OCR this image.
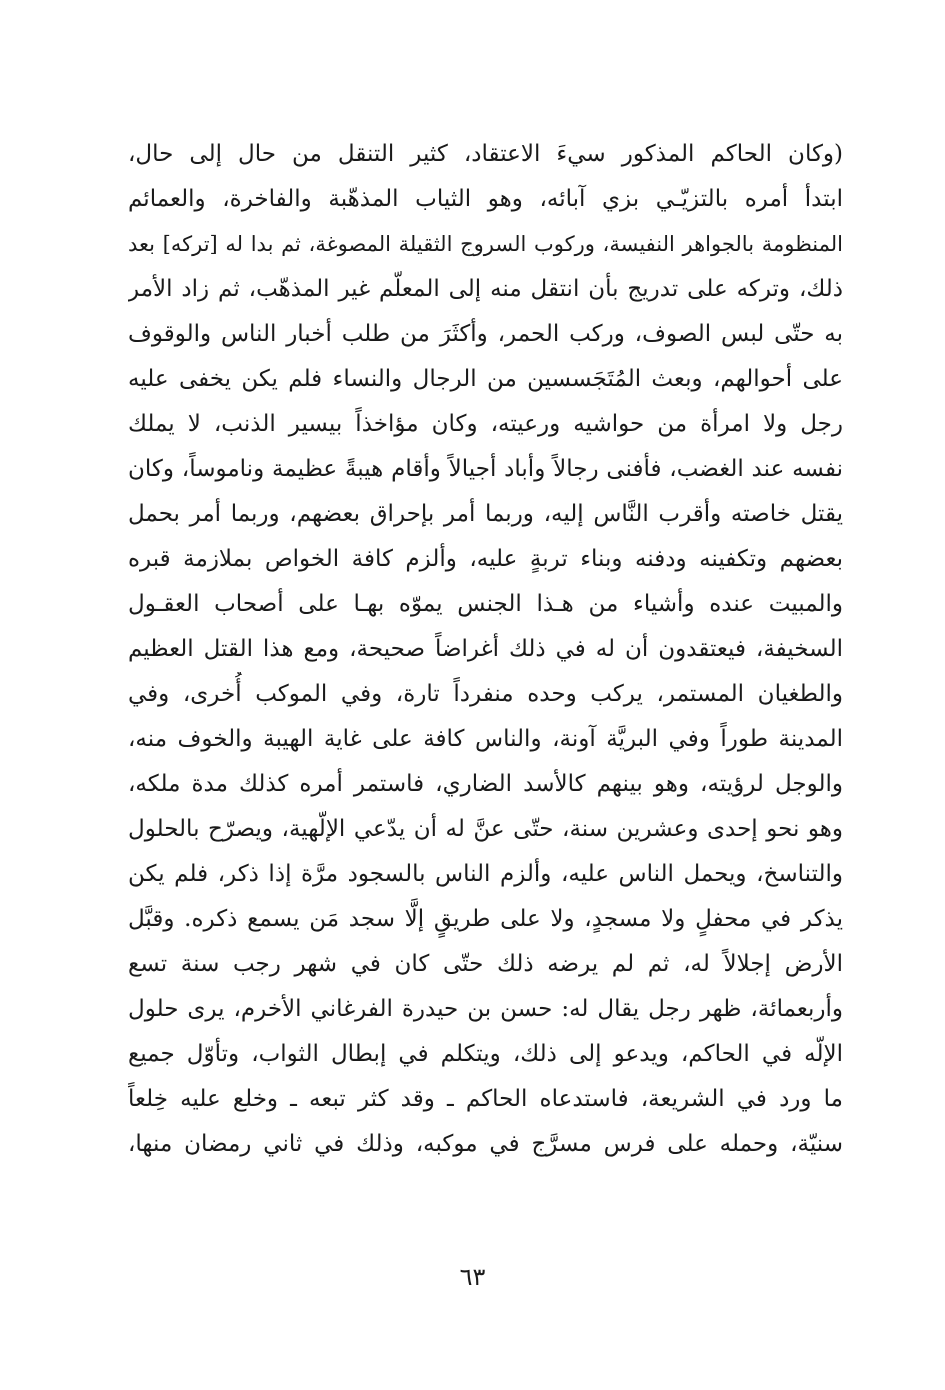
(وكان الحاكم المذكور سيءَ الاعتقاد، كثير التنقل من حال إلى حال،
ابتدأ أمره بالتزيّـي بزي آبائه، وهو الثياب المذهّبة والفاخرة، والعمائم
المنظومة بالجواهر النفيسة، وركوب السروج الثقيلة المصوغة، ثم بدا له [تركه] بعد
ذلك، وتركه على تدريج بأن انتقل منه إلى المعلّم غير المذهّب، ثم زاد الأمر
به حتّى لبس الصوف، وركب الحمر، وأكثَرَ من طلب أخبار الناس والوقوف
على أحوالهم، وبعث المُتَجَسسين من الرجال والنساء فلم يكن يخفى عليه
رجل ولا امرأة من حواشيه ورعيته، وكان مؤاخذاً بيسير الذنب، لا يملك
نفسه عند الغضب، فأفنى رجالاً وأباد أجيالاً وأقام هيبةً عظيمة وناموساً، وكان
يقتل خاصته وأقرب النَّاس إليه، وربما أمر بإحراق بعضهم، وربما أمر بحمل
بعضهم وتكفينه ودفنه وبناء تربةٍ عليه، وألزم كافة الخواص بملازمة قبره
والمبيت عنده وأشياء من هـذا الجنس يموّه بهـا على أصحاب العقـول
السخيفة، فيعتقدون أن له في ذلك أغراضاً صحيحة، ومع هذا القتل العظيم
والطغيان المستمر، يركب وحده منفرداً تارة، وفي الموكب أُخرى، وفي
المدينة طوراً وفي البريَّة آونة، والناس كافة على غاية الهيبة والخوف منه،
والوجل لرؤيته، وهو بينهم كالأسد الضاري، فاستمر أمره كذلك مدة ملكه،
وهو نحو إحدى وعشرين سنة، حتّى عنَّ له أن يدّعي الإلّهية، ويصرّح بالحلول
والتناسخ، ويحمل الناس عليه، وألزم الناس بالسجود مرَّة إذا ذكر، فلم يكن
يذكر في محفلٍ ولا مسجدٍ، ولا على طريقٍ إلَّا سجد مَن يسمع ذكره. وقبَّل
الأرض إجلالاً له، ثم لم يرضه ذلك حتّى كان في شهر رجب سنة تسع
وأربعمائة، ظهر رجل يقال له: حسن بن حيدرة الفرغاني الأخرم، يرى حلول
الإلّه في الحاكم، ويدعو إلى ذلك، ويتكلم في إبطال الثواب، وتأوّل جميع
ما ورد في الشريعة، فاستدعاه الحاكم ـ وقد كثر تبعه ـ وخلع عليه خِلعاً
سنيّة، وحمله على فرس مسرَّج في موكبه، وذلك في ثاني رمضان منها،
٦٣
